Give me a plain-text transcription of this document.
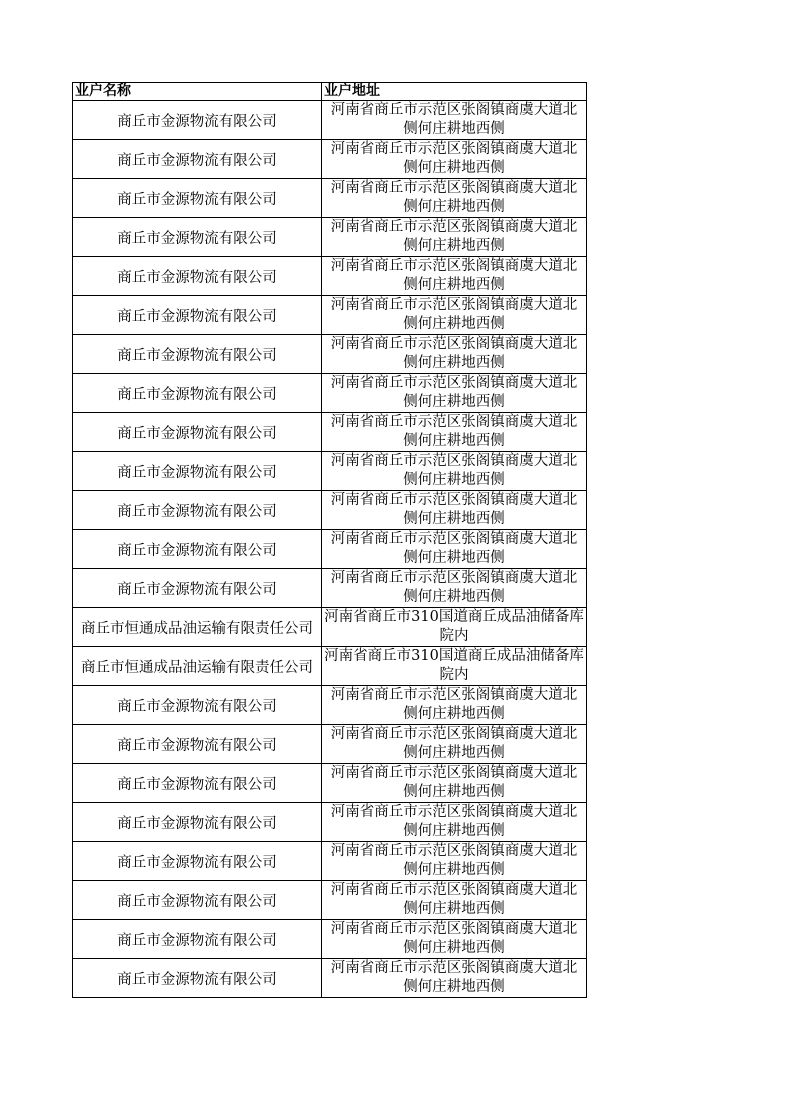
业户名称	业户地址
商丘市金源物流有限公司	河南省商丘市示范区张阁镇商虞大道北
侧何庄耕地西侧

商丘市金源物流有限公司	河南省商丘市示范区张阁镇商虞大道北
侧何庄耕地西侧

商丘市金源物流有限公司	河南省商丘市示范区张阁镇商虞大道北
侧何庄耕地西侧

商丘市金源物流有限公司	河南省商丘市示范区张阁镇商虞大道北
侧何庄耕地西侧

商丘市金源物流有限公司	河南省商丘市示范区张阁镇商虞大道北
侧何庄耕地西侧

商丘市金源物流有限公司	河南省商丘市示范区张阁镇商虞大道北
侧何庄耕地西侧

商丘市金源物流有限公司	河南省商丘市示范区张阁镇商虞大道北
侧何庄耕地西侧

商丘市金源物流有限公司	河南省商丘市示范区张阁镇商虞大道北
侧何庄耕地西侧

商丘市金源物流有限公司	河南省商丘市示范区张阁镇商虞大道北
侧何庄耕地西侧

商丘市金源物流有限公司	河南省商丘市示范区张阁镇商虞大道北
侧何庄耕地西侧

商丘市金源物流有限公司	河南省商丘市示范区张阁镇商虞大道北
侧何庄耕地西侧

商丘市金源物流有限公司	河南省商丘市示范区张阁镇商虞大道北
侧何庄耕地西侧

商丘市金源物流有限公司	河南省商丘市示范区张阁镇商虞大道北
侧何庄耕地西侧

商丘市恒通成品油运输有限责任公司	河南省商丘市310国道商丘成品油储备库
院内

商丘市恒通成品油运输有限责任公司	河南省商丘市310国道商丘成品油储备库
院内

商丘市金源物流有限公司	河南省商丘市示范区张阁镇商虞大道北
侧何庄耕地西侧

商丘市金源物流有限公司	河南省商丘市示范区张阁镇商虞大道北
侧何庄耕地西侧

商丘市金源物流有限公司	河南省商丘市示范区张阁镇商虞大道北
侧何庄耕地西侧

商丘市金源物流有限公司	河南省商丘市示范区张阁镇商虞大道北
侧何庄耕地西侧

商丘市金源物流有限公司	河南省商丘市示范区张阁镇商虞大道北
侧何庄耕地西侧

商丘市金源物流有限公司	河南省商丘市示范区张阁镇商虞大道北
侧何庄耕地西侧

商丘市金源物流有限公司	河南省商丘市示范区张阁镇商虞大道北
侧何庄耕地西侧

商丘市金源物流有限公司	河南省商丘市示范区张阁镇商虞大道北
侧何庄耕地西侧
